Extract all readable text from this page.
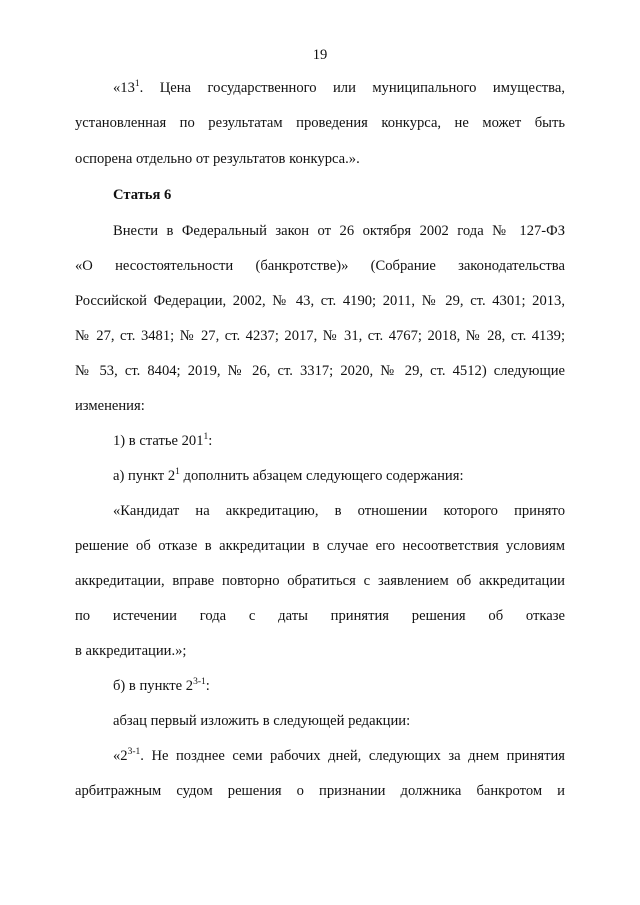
19
«$13^1$. Цена государственного или муниципального имущества,
установленная по результатам проведения конкурса, не может быть
оспорена отдельно от результатов конкурса.».
Статья 6
Внести в Федеральный закон от 26 октября 2002 года № 127-ФЗ
«О несостоятельности (банкротстве)» (Собрание законодательства
Российской Федерации, 2002, № 43, ст. 4190; 2011, № 29, ст. 4301; 2013,
№ 27, ст. 3481; № 27, ст. 4237; 2017, № 31, ст. 4767; 2018, № 28, ст. 4139;
№ 53, ст. 8404; 2019, № 26, ст. 3317; 2020, № 29, ст. 4512) следующие
изменения:
1) в статье $201^1$:
а) пункт $2^1$ дополнить абзацем следующего содержания:
«Кандидат на аккредитацию, в отношении которого принято
решение об отказе в аккредитации в случае его несоответствия условиям
аккредитации, вправе повторно обратиться с заявлением об аккредитации
по истечении года с даты принятия решения об отказе
в аккредитации.»;
б) в пункте 2$^{3-1}$:
абзац первый изложить в следующей редакции:
«2$^{3-1}$. Не позднее семи рабочих дней, следующих за днем принятия
арбитражным судом решения о признании должника банкротом и
